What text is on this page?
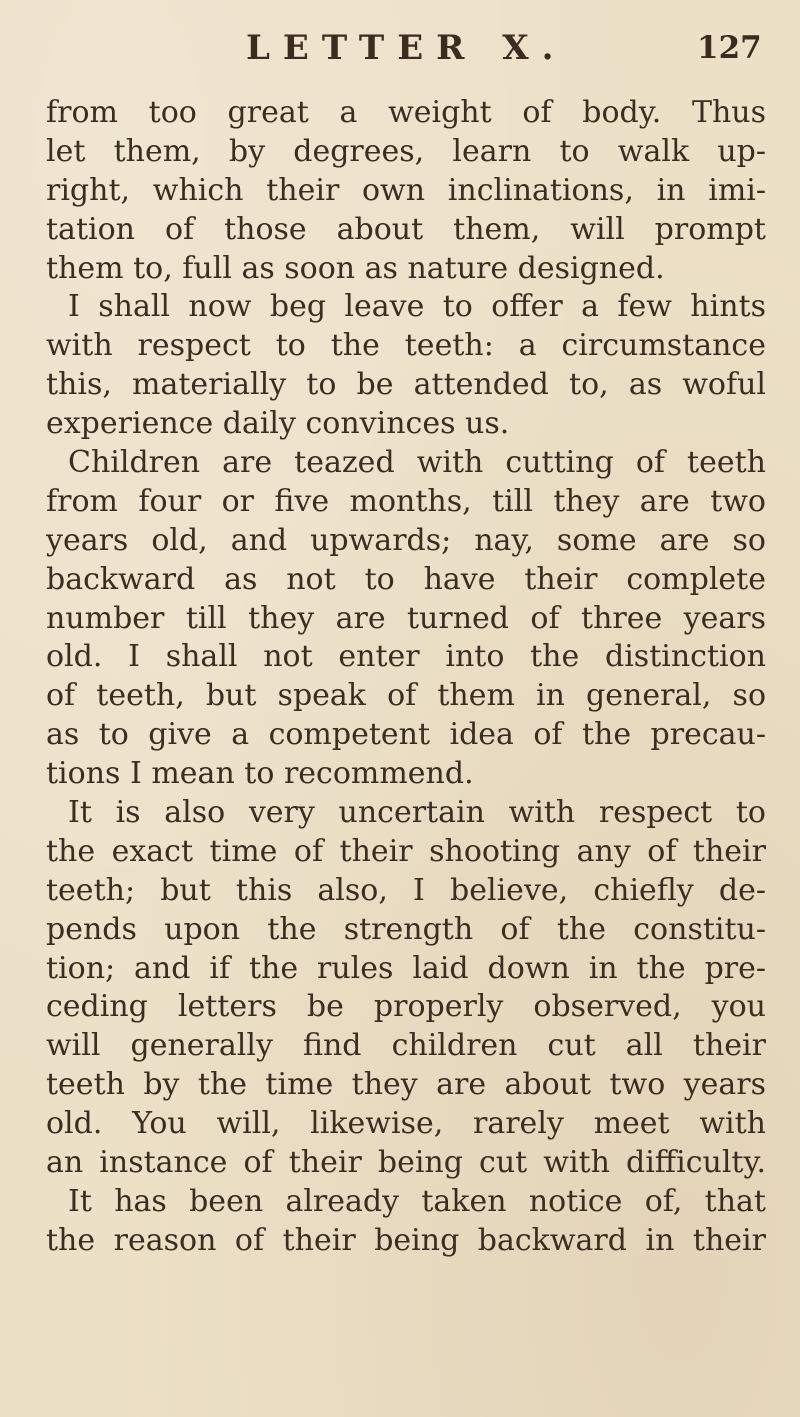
LETTER X.	127
from too great a weight of body. Thus
let them, by degrees, learn to walk up-
right, which their own inclinations, in imi-
tation of those about them, will prompt
them to, full as soon as nature designed.
I shall now beg leave to offer a few hints
with respect to the teeth: a circumstance
this, materially to be attended to, as woful
experience daily convinces us.
Children are teazed with cutting of teeth
from four or five months, till they are two
years old, and upwards; nay, some are so
backward as not to have their complete
number till they are turned of three years
old. I shall not enter into the distinction
of teeth, but speak of them in general, so
as to give a competent idea of the precau-
tions I mean to recommend.
It is also very uncertain with respect to
the exact time of their shooting any of their
teeth; but this also, I believe, chiefly de-
pends upon the strength of the constitu-
tion; and if the rules laid down in the pre-
ceding letters be properly observed, you
will generally find children cut all their
teeth by the time they are about two years
old. You will, likewise, rarely meet with
an instance of their being cut with difficulty.
It has been already taken notice of, that
the reason of their being backward in their
